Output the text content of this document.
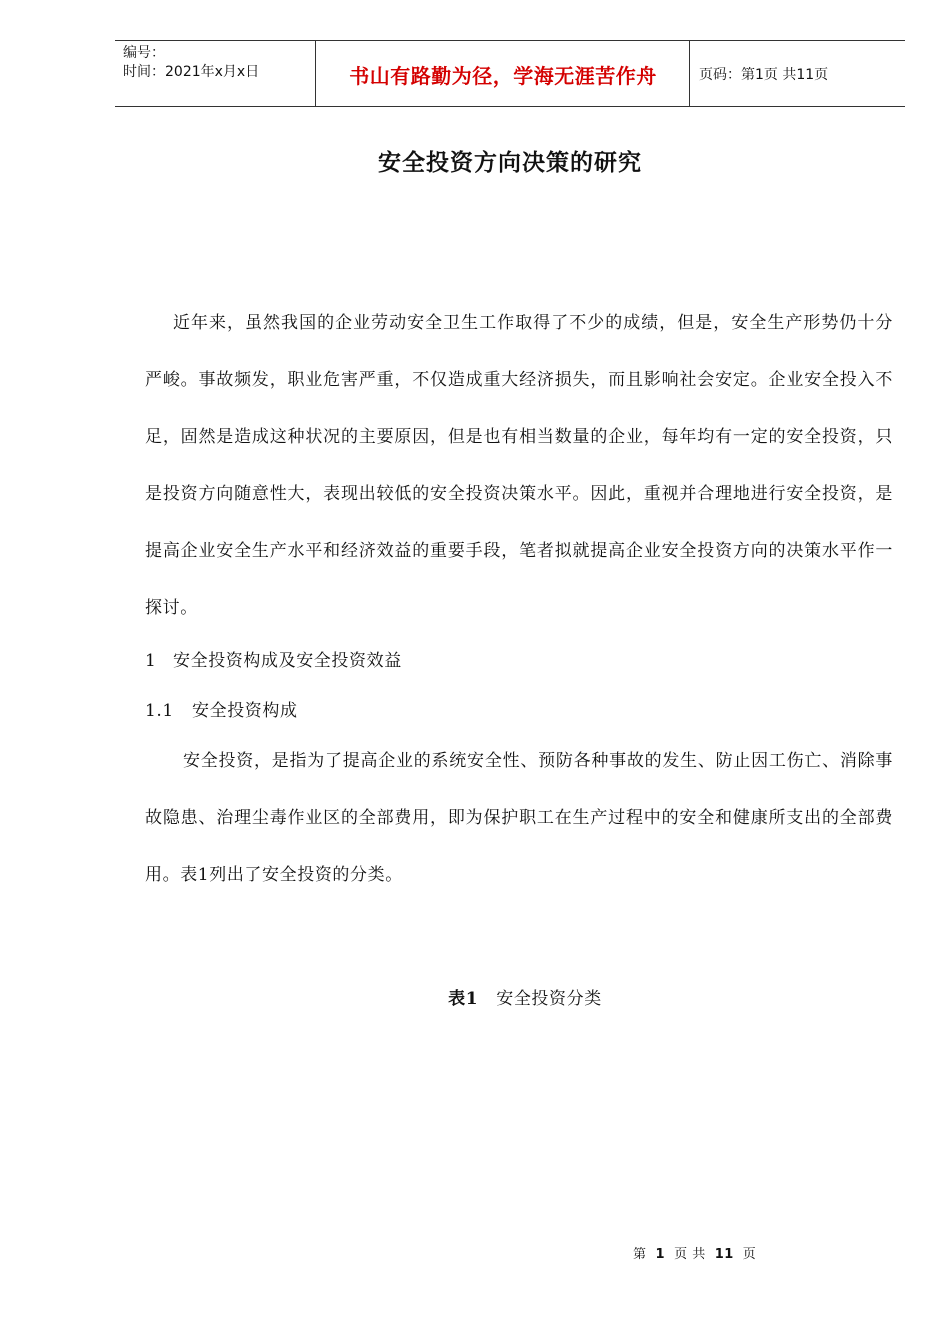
编号：
时间：2021年x月x日	书山有路勤为径，学海无涯苦作舟	页码：第1页 共11页
安全投资方向决策的研究

近年来，虽然我国的企业劳动安全卫生工作取得了不少的成绩，但是，安全生产形势仍十分严峻。事故频发，职业危害严重，不仅造成重大经济损失，而且影响社会安定。企业安全投入不足，固然是造成这种状况的主要原因，但是也有相当数量的企业，每年均有一定的安全投资，只是投资方向随意性大，表现出较低的安全投资决策水平。因此，重视并合理地进行安全投资，是提高企业安全生产水平和经济效益的重要手段，笔者拟就提高企业安全投资方向的决策水平作一探讨。

1 安全投资构成及安全投资效益
1.1 安全投资构成

安全投资，是指为了提高企业的系统安全性、预防各种事故的发生、防止因工伤亡、消除事故隐患、治理尘毒作业区的全部费用，即为保护职工在生产过程中的安全和健康所支出的全部费用。表1列出了安全投资的分类。

表1 安全投资分类
第 1 页 共 11 页
